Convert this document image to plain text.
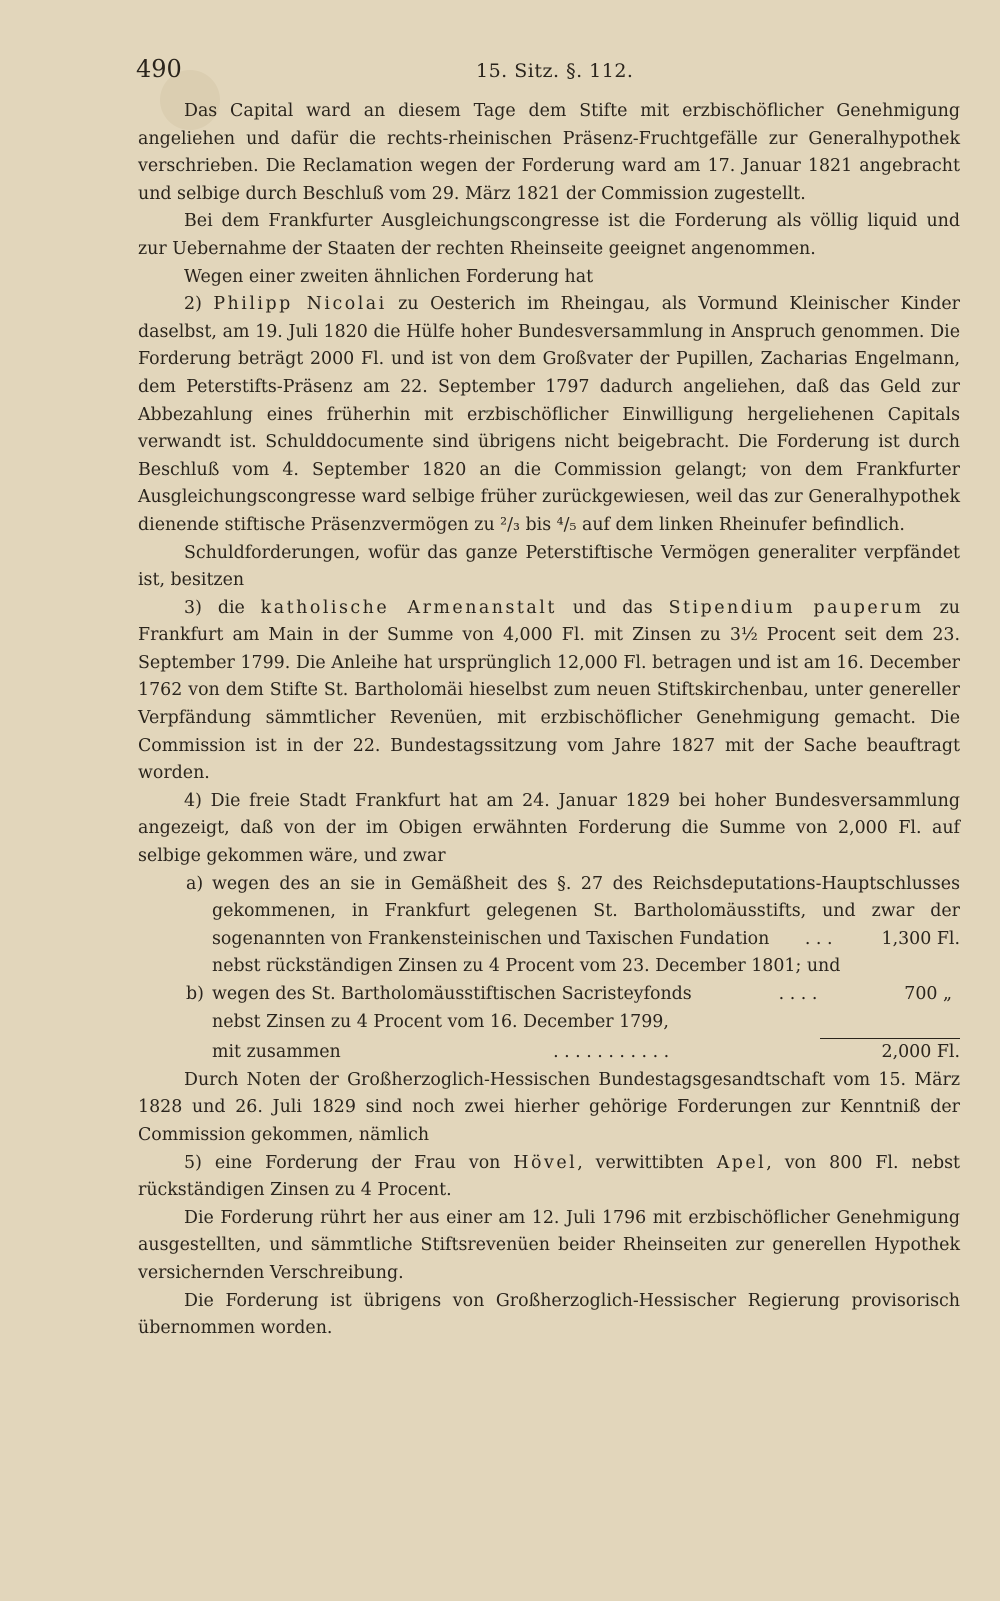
490	15. Sitz. §. 112.

Das Capital ward an diesem Tage dem Stifte mit erzbischöflicher Genehmigung angeliehen und dafür die rechts-rheinischen Präsenz-Fruchtgefälle zur Generalhypothek verschrieben. Die Reclamation wegen der Forderung ward am 17. Januar 1821 angebracht und selbige durch Beschluß vom 29. März 1821 der Commission zugestellt.

Bei dem Frankfurter Ausgleichungscongresse ist die Forderung als völlig liquid und zur Uebernahme der Staaten der rechten Rheinseite geeignet angenommen.

Wegen einer zweiten ähnlichen Forderung hat

2) Philipp Nicolai zu Oesterich im Rheingau, als Vormund Kleinischer Kinder daselbst, am 19. Juli 1820 die Hülfe hoher Bundesversammlung in Anspruch genommen. Die Forderung beträgt 2000 Fl. und ist von dem Großvater der Pupillen, Zacharias Engelmann, dem Peterstifts-Präsenz am 22. September 1797 dadurch angeliehen, daß das Geld zur Abbezahlung eines früherhin mit erzbischöflicher Einwilligung hergeliehenen Capitals verwandt ist. Schulddocumente sind übrigens nicht beigebracht. Die Forderung ist durch Beschluß vom 4. September 1820 an die Commission gelangt; von dem Frankfurter Ausgleichungscongresse ward selbige früher zurückgewiesen, weil das zur Generalhypothek dienende stiftische Präsenzvermögen zu ²/₃ bis ⁴/₅ auf dem linken Rheinufer befindlich.

Schuldforderungen, wofür das ganze Peterstiftische Vermögen generaliter verpfändet ist, besitzen

3) die katholische Armenanstalt und das Stipendium pauperum zu Frankfurt am Main in der Summe von 4,000 Fl. mit Zinsen zu 3½ Procent seit dem 23. September 1799. Die Anleihe hat ursprünglich 12,000 Fl. betragen und ist am 16. December 1762 von dem Stifte St. Bartholomäi hieselbst zum neuen Stiftskirchenbau, unter genereller Verpfändung sämmtlicher Revenüen, mit erzbischöflicher Genehmigung gemacht. Die Commission ist in der 22. Bundestagssitzung vom Jahre 1827 mit der Sache beauftragt worden.

4) Die freie Stadt Frankfurt hat am 24. Januar 1829 bei hoher Bundesversammlung angezeigt, daß von der im Obigen erwähnten Forderung die Summe von 2,000 Fl. auf selbige gekommen wäre, und zwar

a) wegen des an sie in Gemäßheit des §. 27 des Reichsdeputations-Hauptschlusses gekommenen, in Frankfurt gelegenen St. Bartholomäusstifts, und zwar der sogenannten von Frankensteinischen und Taxischen Fundation . . .	1,300 Fl.
nebst rückständigen Zinsen zu 4 Procent vom 23. December 1801; und
b) wegen des St. Bartholomäusstiftischen Sacristeyfonds	. . . .	700 „
nebst Zinsen zu 4 Procent vom 16. December 1799,
mit zusammen	. . . . . . . . . . .	2,000 Fl.

Durch Noten der Großherzoglich-Hessischen Bundestagsgesandtschaft vom 15. März 1828 und 26. Juli 1829 sind noch zwei hierher gehörige Forderungen zur Kenntniß der Commission gekommen, nämlich

5) eine Forderung der Frau von Hövel, verwittibten Apel, von 800 Fl. nebst rückständigen Zinsen zu 4 Procent.

Die Forderung rührt her aus einer am 12. Juli 1796 mit erzbischöflicher Genehmigung ausgestellten, und sämmtliche Stiftsrevenüen beider Rheinseiten zur generellen Hypothek versichernden Verschreibung.

Die Forderung ist übrigens von Großherzoglich-Hessischer Regierung provisorisch übernommen worden.
